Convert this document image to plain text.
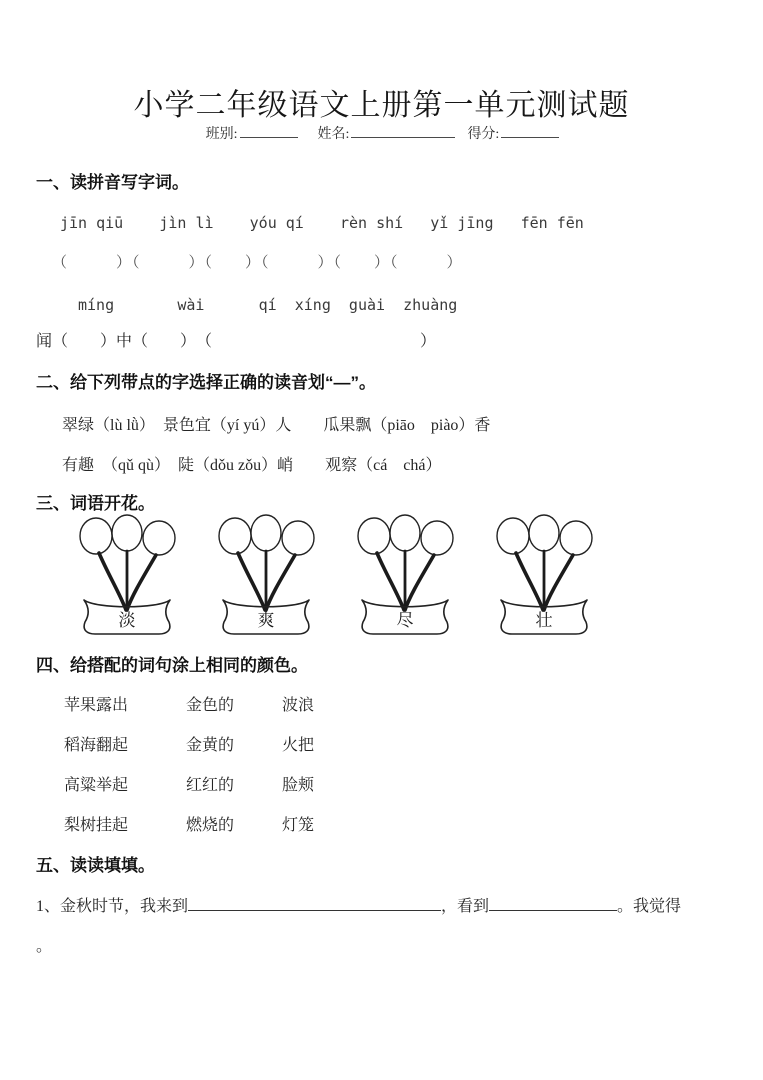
小学二年级语文上册第一单元测试题
班别:	姓名:	得分:
一、读拼音写字词。
jīn qiū    jìn lì    yóu qí    rèn shí   yǐ jīng   fēn fēn
（　　　）（　　　）（　　）（　　　）（　　）（　　　）
míng       wài      qí  xíng  guài  zhuàng
闻（　　）中（　　）　（　　　　　　　　　　　　　）
二、给下列带点的字选择正确的读音划“—”。
翠绿（lù lǜ）　景色宜（yí yú）人　　瓜果飘（piāo　piào）香
有趣　（qǔ qù）　陡（dǒu zǒu）峭　　观察（cá　chá）
三、词语开花。
淡	爽	尽	壮
四、给搭配的词句涂上相同的颜色。
苹果露出	金色的	波浪
稻海翻起	金黄的	火把
高粱举起	红红的	脸颊
梨树挂起	燃烧的	灯笼
五、读读填填。
1、金秋时节，我来到	，看到	。我觉得
。
